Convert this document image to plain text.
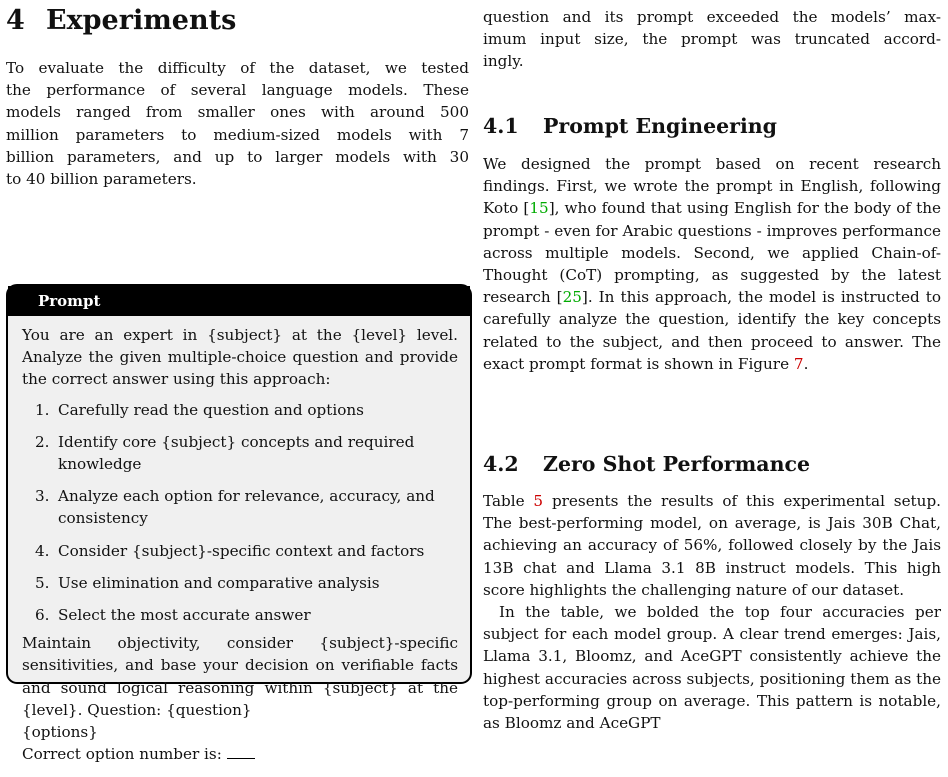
4 Experiments
To evaluate the difficulty of the dataset, we tested
the performance of several language models. These
models ranged from smaller ones with around 500
million parameters to medium-sized models with 7
billion parameters, and up to larger models with 30
to 40 billion parameters.
Prompt

You are an expert in {subject} at the {level} level. Analyze the given multiple-choice question and provide the correct answer using this approach:

1. Carefully read the question and options
2. Identify core {subject} concepts and required knowledge
3. Analyze each option for relevance, accuracy, and consistency
4. Consider {subject}-specific context and factors
5. Use elimination and comparative analysis
6. Select the most accurate answer

Maintain objectivity, consider {subject}-specific sensitivities, and base your decision on verifiable facts and sound logical reasoning within {subject} at the {level}. Question: {question}

{options}

Correct option number is:

question and its prompt exceeded the models’ max-
imum input size, the prompt was truncated accord-
ingly.
4.1 Prompt Engineering

We designed the prompt based on recent research findings. First, we wrote the prompt in English, following Koto [15], who found that using English for the body of the prompt - even for Arabic questions - improves performance across multiple models. Second, we applied Chain-of-Thought (CoT) prompting, as suggested by the latest research [25]. In this approach, the model is instructed to carefully analyze the question, identify the key concepts related to the subject, and then proceed to answer. The exact prompt format is shown in Figure 7.

4.2 Zero Shot Performance

Table 5 presents the results of this experimental setup. The best-performing model, on average, is Jais 30B Chat, achieving an accuracy of 56%, followed closely by the Jais 13B chat and Llama 3.1 8B instruct models. This high score highlights the challenging nature of our dataset.

In the table, we bolded the top four accuracies per subject for each model group. A clear trend emerges: Jais, Llama 3.1, Bloomz, and AceGPT consistently achieve the highest accuracies across subjects, positioning them as the top-performing group on average. This pattern is notable, as Bloomz and AceGPT
